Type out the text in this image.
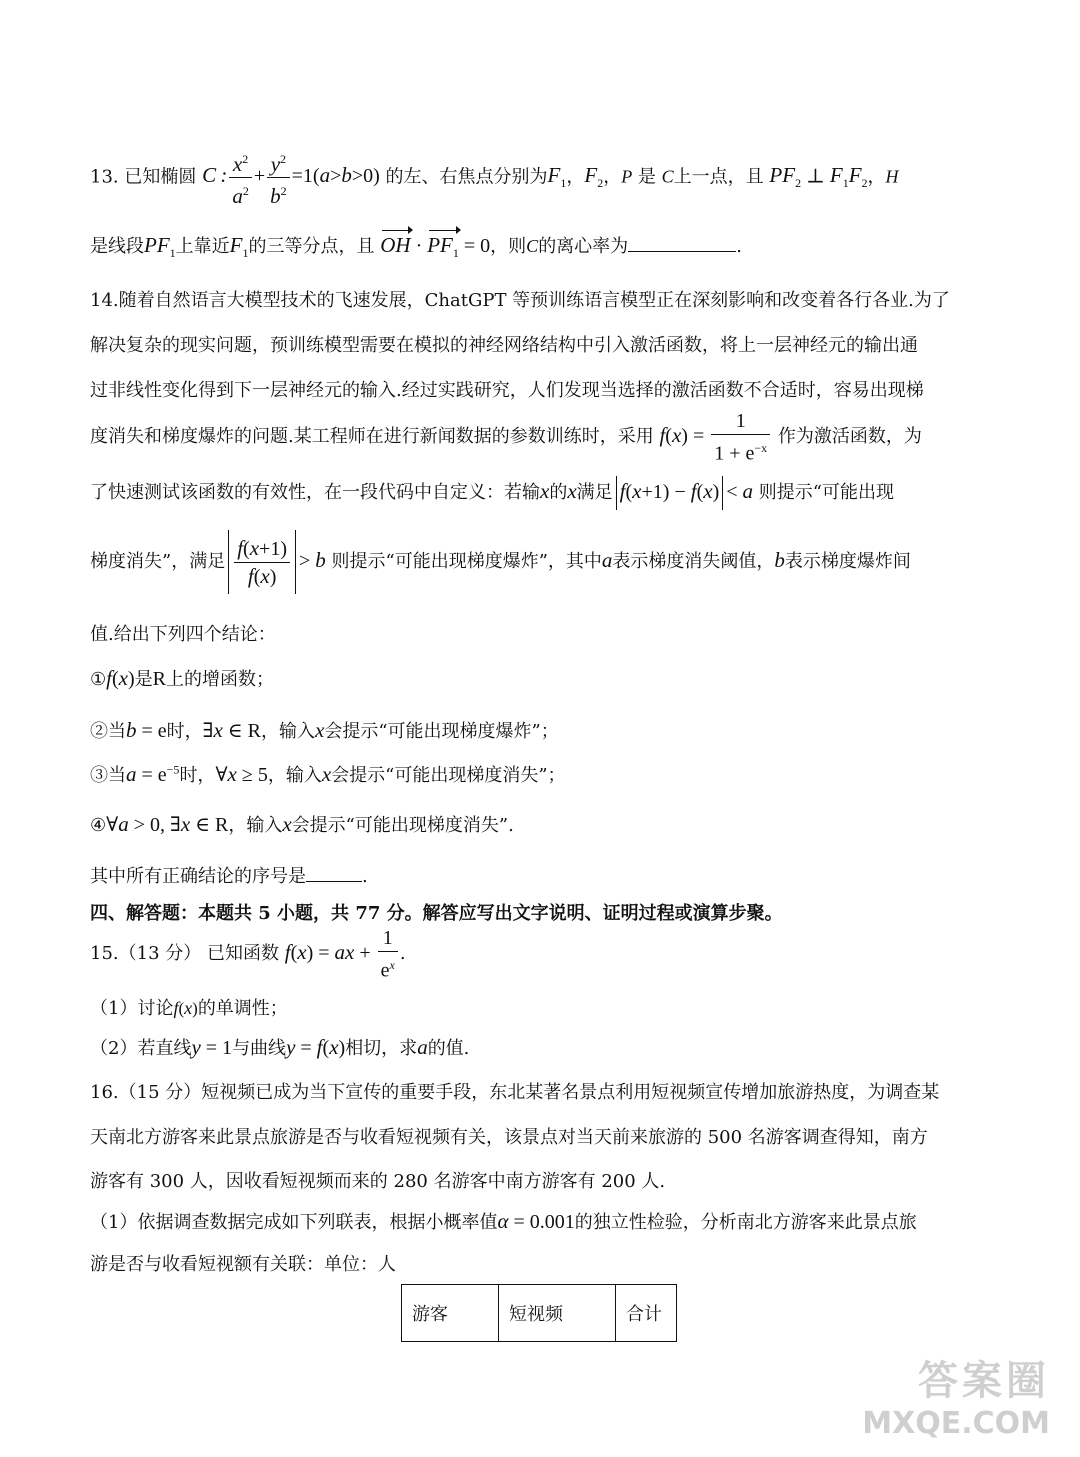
13. 已知椭圆 C : $\frac{x^2}{a^2} + \frac{y^2}{b^2} =1(a>b>0)$ 的左、右焦点分别为$F_1$，$F_2$，P 是 C上一点，且 $PF_2$ ⊥ $F_1F_2$，H
是线段$PF_1$上靠近$F_1$的三等分点，且 OH · $PF_1 = 0$，则C的离心率为	.
14.随着自然语言大模型技术的飞速发展，ChatGPT 等预训练语言模型正在深刻影响和改变着各行各业.为了
解决复杂的现实问题，预训练模型需要在模拟的神经网络结构中引入激活函数，将上一层神经元的输出通
过非线性变化得到下一层神经元的输入.经过实践研究，人们发现当选择的激活函数不合适时，容易出现梯
度消失和梯度爆炸的问题.某工程师在进行新闻数据的参数训练时，采用 $f(x) = \frac{1}{1 + e^{-x}}$ 作为激活函数，为
了快速测试该函数的有效性，在一段代码中自定义：若输x的x满足 f(x+1) − f(x) < a 则提示“可能出现
梯度消失”，满足 $\frac{f(x+1)}{f(x)} > b$ 则提示“可能出现梯度爆炸”，其中a表示梯度消失阈值，b表示梯度爆炸间
值.给出下列四个结论：
①f(x)是R上的增函数；
②当b = e时，∃x ∈ R，输入x会提示“可能出现梯度爆炸”；
③当$a = e^{-5}$时，∀x ≥ 5，输入x会提示“可能出现梯度消失”；
④∀a > 0, ∃x ∈ R，输入x会提示“可能出现梯度消失”.
其中所有正确结论的序号是	.
四、解答题：本题共 5 小题，共 77 分。解答应写出文字说明、证明过程或演算步聚。
15.（13 分） 已知函数 f(x) = ax + $\frac{1}{e^x}$ .
（1）讨论f(x)的单调性；
（2）若直线y = 1与曲线y = f(x)相切，求a的值.
16.（15 分）短视频已成为当下宣传的重要手段，东北某著名景点利用短视频宣传增加旅游热度，为调查某
天南北方游客来此景点旅游是否与收看短视频有关，该景点对当天前来旅游的 500 名游客调查得知，南方
游客有 300 人，因收看短视频而来的 280 名游客中南方游客有 200 人.
（1）依据调查数据完成如下列联表，根据小概率值α = 0.001的独立性检验，分析南北方游客来此景点旅
游是否与收看短视额有关联：单位：人
游客	短视频	合计
答案圈
MXQE.COM
